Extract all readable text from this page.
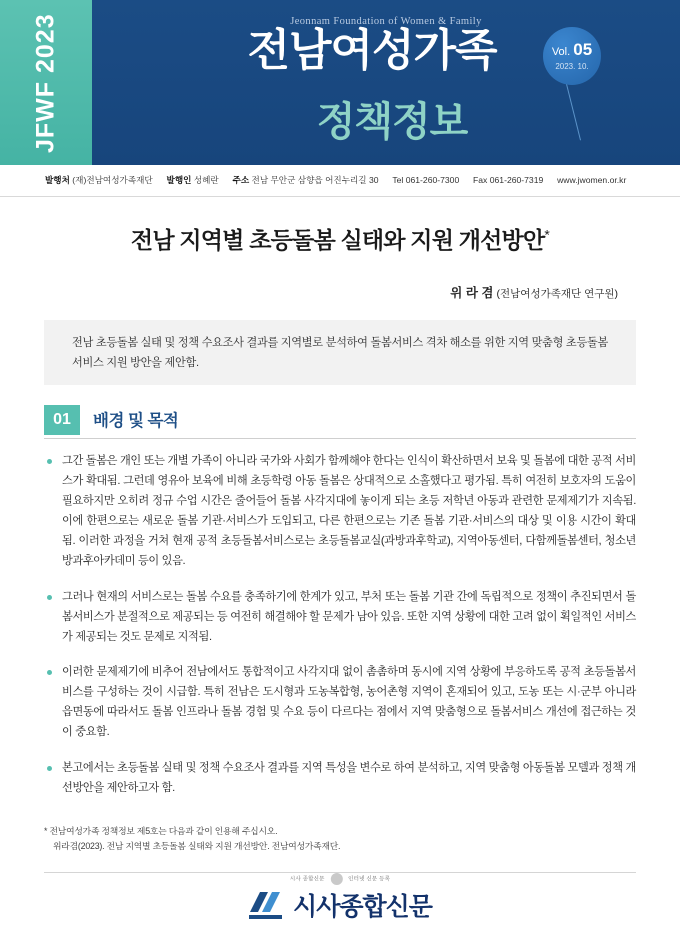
JFWF 2023	Jeonnam Foundation of Women & Family
전남여성가족
정책정보
Vol. 05
2023. 10.
발행처 (재)전남여성가족재단 발행인 성혜란 주소 전남 무안군 삼향읍 어진누리길 30 Tel 061-260-7300 Fax 061-260-7319 www.jwomen.or.kr
전남 지역별 초등돌봄 실태와 지원 개선방안*
위 라 겸 (전남여성가족재단 연구원)
전남 초등돌봄 실태 및 정책 수요조사 결과를 지역별로 분석하여 돌봄서비스 격차 해소를 위한 지역 맞춤형 초등돌봄서비스 지원 방안을 제안함.
01	배경 및 목적
그간 돌봄은 개인 또는 개별 가족이 아니라 국가와 사회가 함께해야 한다는 인식이 확산하면서 보육 및 돌봄에 대한 공적 서비스가 확대됨. 그런데 영유아 보육에 비해 초등학령 아동 돌봄은 상대적으로 소홀했다고 평가됨. 특히 여전히 보호자의 도움이 필요하지만 오히려 정규 수업 시간은 줄어들어 돌봄 사각지대에 놓이게 되는 초등 저학년 아동과 관련한 문제제기가 지속됨. 이에 한편으로는 새로운 돌봄 기관·서비스가 도입되고, 다른 한편으로는 기존 돌봄 기관·서비스의 대상 및 이용 시간이 확대됨. 이러한 과정을 거쳐 현재 공적 초등돌봄서비스로는 초등돌봄교실(과방과후학교), 지역아동센터, 다함께돌봄센터, 청소년방과후아카데미 등이 있음.
그러나 현재의 서비스로는 돌봄 수요를 충족하기에 한계가 있고, 부처 또는 돌봄 기관 간에 독립적으로 정책이 추진되면서 돌봄서비스가 분절적으로 제공되는 등 여전히 해결해야 할 문제가 남아 있음. 또한 지역 상황에 대한 고려 없이 획일적인 서비스가 제공되는 것도 문제로 지적됨.
이러한 문제제기에 비추어 전남에서도 통합적이고 사각지대 없이 촘촘하며 동시에 지역 상황에 부응하도록 공적 초등돌봄서비스를 구성하는 것이 시급함. 특히 전남은 도시형과 도농복합형, 농어촌형 지역이 혼재되어 있고, 도농 또는 시·군부 아니라 읍면동에 따라서도 돌봄 인프라나 돌봄 경험 및 수요 등이 다르다는 점에서 지역 맞춤형으로 돌봄서비스 개선에 접근하는 것이 중요함.
본고에서는 초등돌봄 실태 및 정책 수요조사 결과를 지역 특성을 변수로 하여 분석하고, 지역 맞춤형 아동돌봄 모델과 정책 개선방안을 제안하고자 함.
* 전남여성가족 정책정보 제5호는 다음과 같이 인용해 주십시오.
위라겸(2023). 전남 지역별 초등돌봄 실태와 지원 개선방안. 전남여성가족재단.
시사 종합신문	인터넷 신문 등록
시사종합신문
